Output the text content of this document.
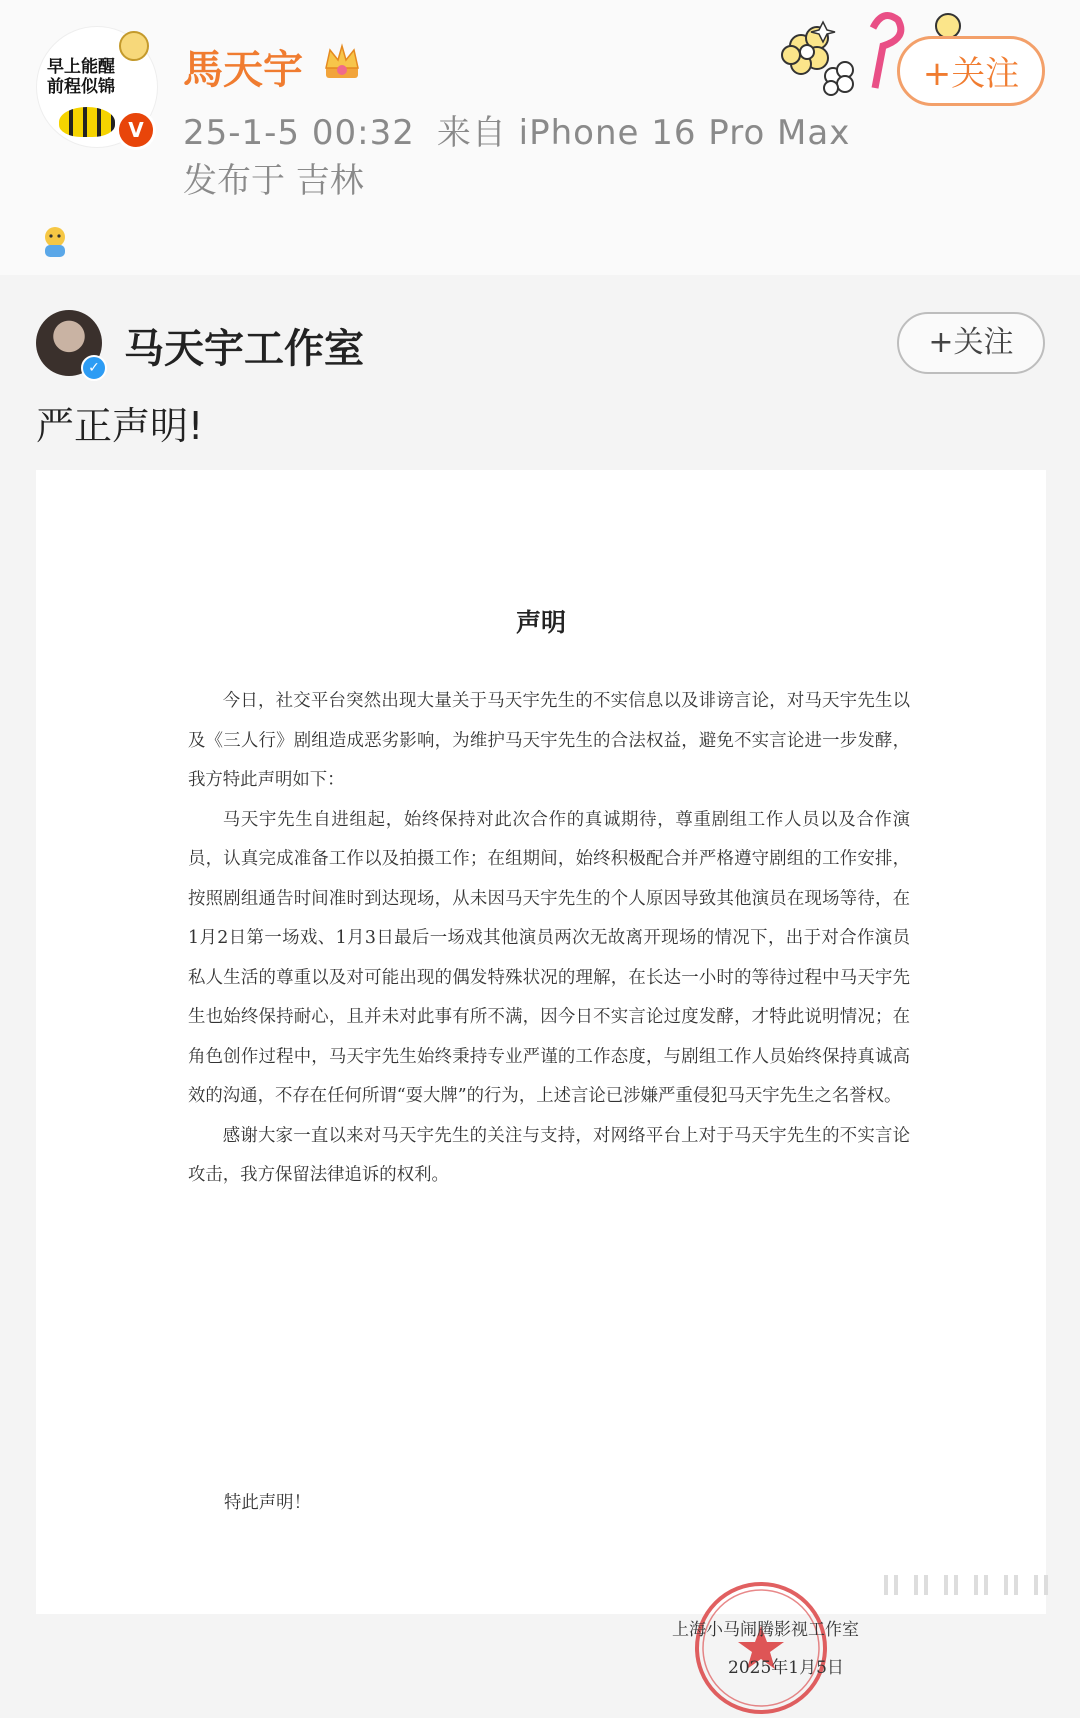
早上能醒 前程似锦
V
馬天宇
25-1-5 00:32 来自 iPhone 16 Pro Max
发布于 吉林
+关注
✓ 马天宇工作室	+关注
严正声明!
声明

今日，社交平台突然出现大量关于马天宇先生的不实信息以及诽谤言论，对马天宇先生以及《三人行》剧组造成恶劣影响，为维护马天宇先生的合法权益，避免不实言论进一步发酵，我方特此声明如下：

马天宇先生自进组起，始终保持对此次合作的真诚期待，尊重剧组工作人员以及合作演员，认真完成准备工作以及拍摄工作；在组期间，始终积极配合并严格遵守剧组的工作安排，按照剧组通告时间准时到达现场，从未因马天宇先生的个人原因导致其他演员在现场等待，在1月2日第一场戏、1月3日最后一场戏其他演员两次无故离开现场的情况下，出于对合作演员私人生活的尊重以及对可能出现的偶发特殊状况的理解，在长达一小时的等待过程中马天宇先生也始终保持耐心，且并未对此事有所不满，因今日不实言论过度发酵，才特此说明情况；在角色创作过程中，马天宇先生始终秉持专业严谨的工作态度，与剧组工作人员始终保持真诚高效的沟通，不存在任何所谓“耍大牌”的行为，上述言论已涉嫌严重侵犯马天宇先生之名誉权。

感谢大家一直以来对马天宇先生的关注与支持，对网络平台上对于马天宇先生的不实言论攻击，我方保留法律追诉的权利。

特此声明！
上海小马闹腾影视工作室
2025年1月5日
